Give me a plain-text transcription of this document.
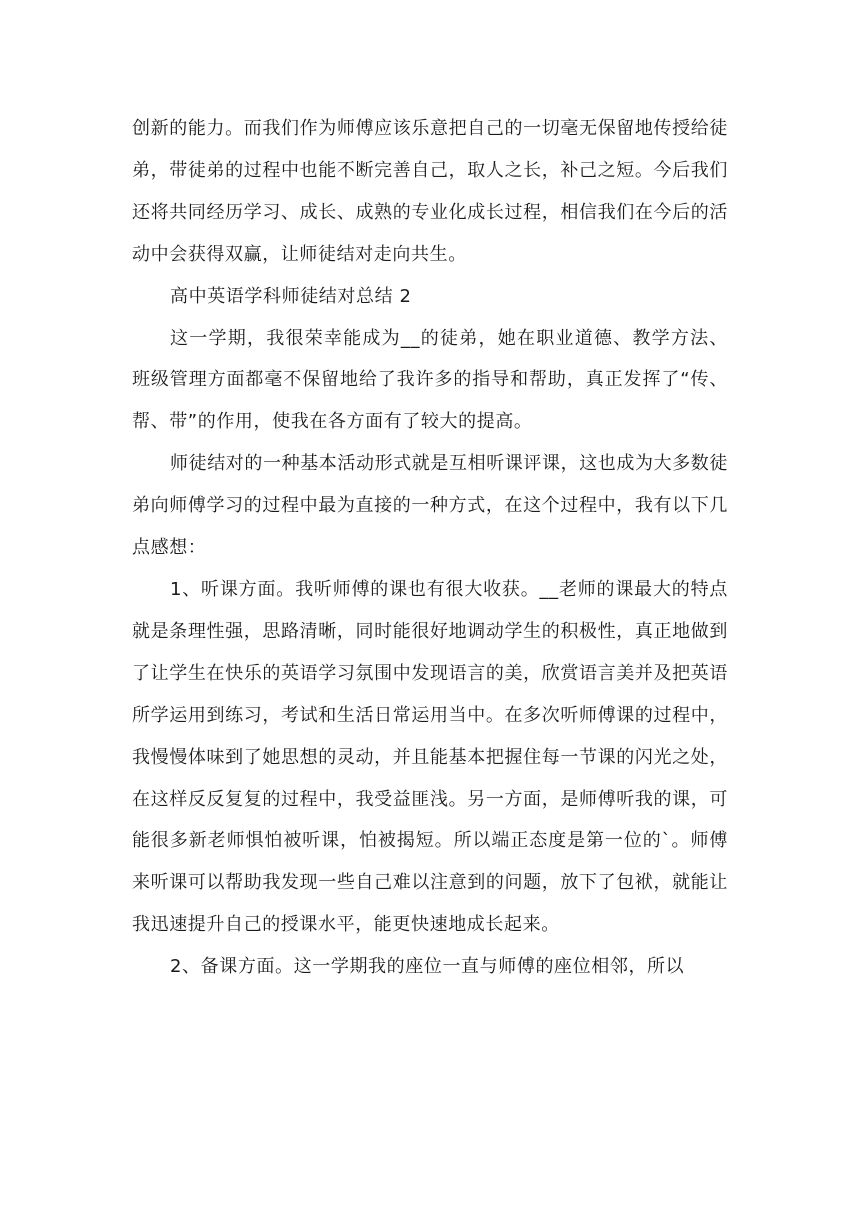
创新的能力。而我们作为师傅应该乐意把自己的一切毫无保留地传授给徒弟，带徒弟的过程中也能不断完善自己，取人之长，补己之短。今后我们还将共同经历学习、成长、成熟的专业化成长过程，相信我们在今后的活动中会获得双赢，让师徒结对走向共生。

高中英语学科师徒结对总结 2

这一学期，我很荣幸能成为__的徒弟，她在职业道德、教学方法、班级管理方面都毫不保留地给了我许多的指导和帮助，真正发挥了“传、帮、带”的作用，使我在各方面有了较大的提高。

师徒结对的一种基本活动形式就是互相听课评课，这也成为大多数徒弟向师傅学习的过程中最为直接的一种方式，在这个过程中，我有以下几点感想：

1、听课方面。我听师傅的课也有很大收获。__老师的课最大的特点就是条理性强，思路清晰，同时能很好地调动学生的积极性，真正地做到了让学生在快乐的英语学习氛围中发现语言的美，欣赏语言美并及把英语所学运用到练习，考试和生活日常运用当中。在多次听师傅课的过程中，我慢慢体味到了她思想的灵动，并且能基本把握住每一节课的闪光之处，在这样反反复复的过程中，我受益匪浅。另一方面，是师傅听我的课，可能很多新老师惧怕被听课，怕被揭短。所以端正态度是第一位的`。师傅来听课可以帮助我发现一些自己难以注意到的问题，放下了包袱，就能让我迅速提升自己的授课水平，能更快速地成长起来。

2、备课方面。这一学期我的座位一直与师傅的座位相邻，所以
